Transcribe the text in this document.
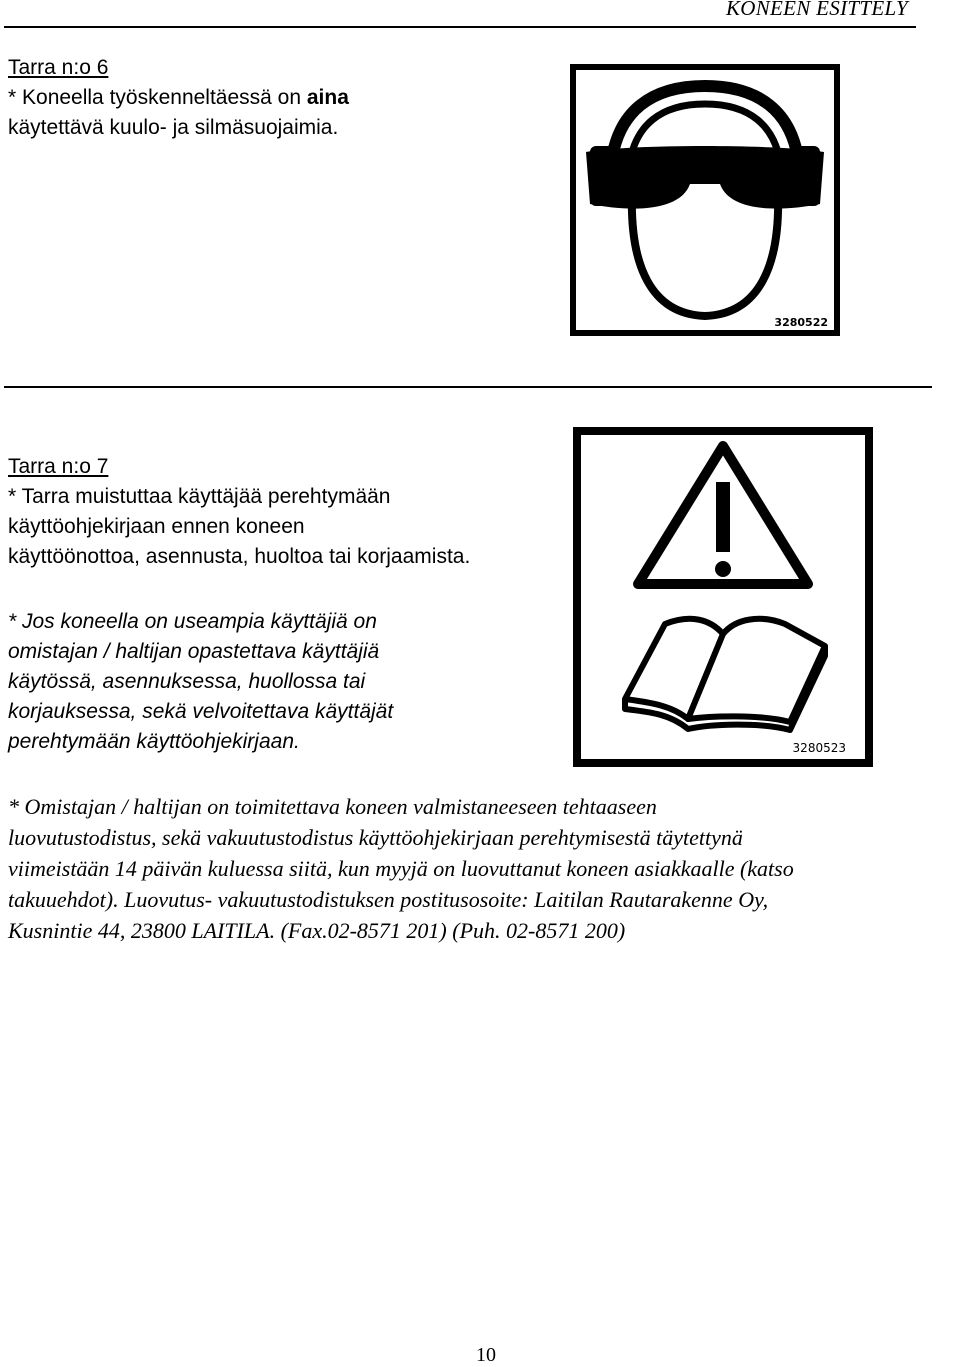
KONEEN ESITTELY
Tarra n:o 6
* Koneella työskenneltäessä on aina
käytettävä kuulo- ja silmäsuojaimia.
3280522
Tarra n:o 7
* Tarra muistuttaa käyttäjää perehtymään
käyttöohjekirjaan ennen koneen
käyttöönottoa, asennusta, huoltoa tai korjaamista.
* Jos koneella on useampia käyttäjiä on
omistajan / haltijan opastettava käyttäjiä
käytössä, asennuksessa, huollossa tai
korjauksessa, sekä velvoitettava käyttäjät
perehtymään käyttöohjekirjaan.	3280523
* Omistajan / haltijan on toimitettava koneen valmistaneeseen tehtaaseen
luovutustodistus, sekä vakuutustodistus käyttöohjekirjaan perehtymisestä täytettynä
viimeistään 14 päivän kuluessa siitä, kun myyjä on luovuttanut koneen asiakkaalle (katso
takuuehdot). Luovutus- vakuutustodistuksen postitusosoite: Laitilan Rautarakenne Oy,
Kusnintie 44, 23800 LAITILA. (Fax.02-8571 201) (Puh. 02-8571 200)
10
